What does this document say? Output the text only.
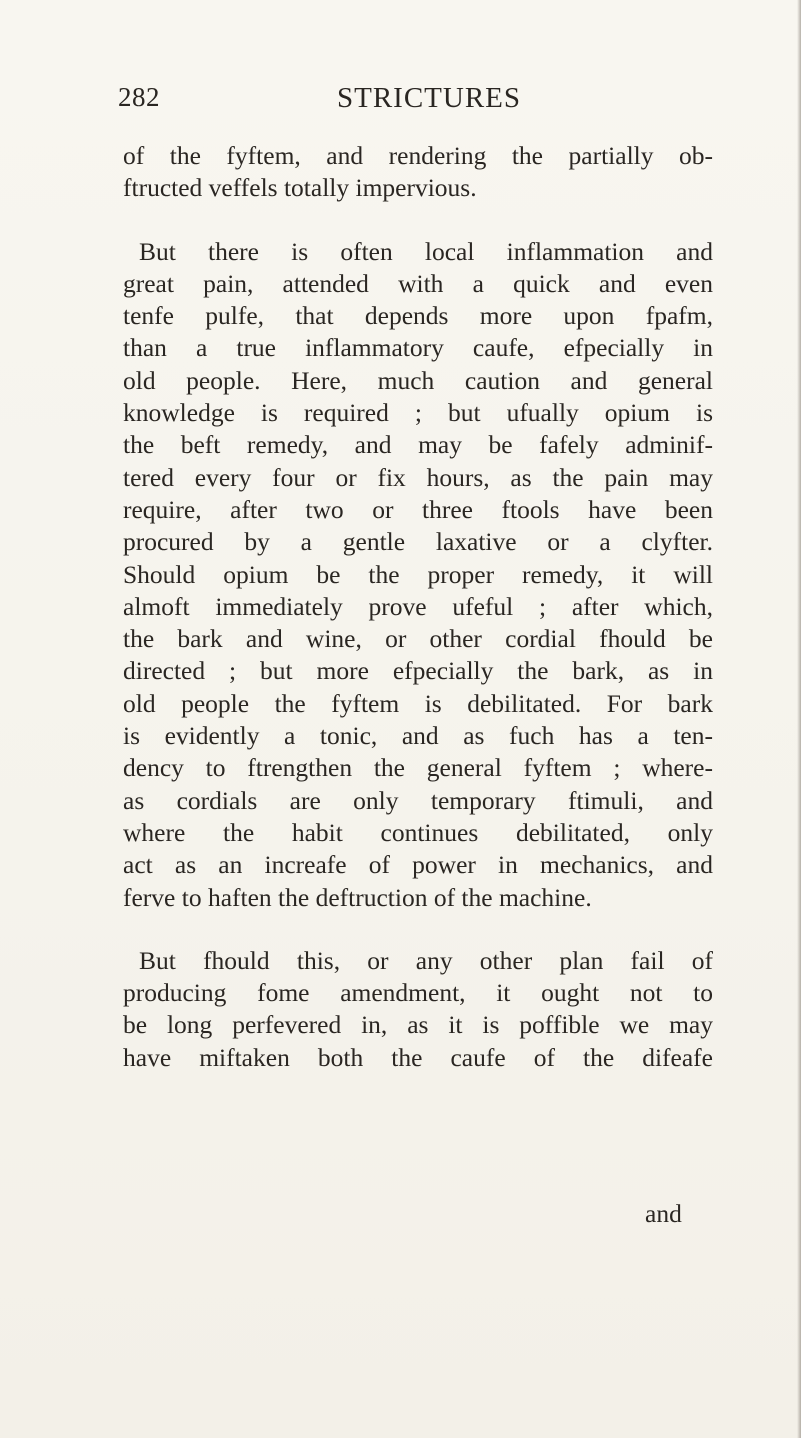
282	STRICTURES
of the fyftem, and rendering the partially ob-
ftructed veffels totally impervious.
But there is often local inflammation and
great pain, attended with a quick and even
tenfe pulfe, that depends more upon fpafm,
than a true inflammatory caufe, efpecially in
old people. Here, much caution and general
knowledge is required ; but ufually opium is
the beft remedy, and may be fafely adminif-
tered every four or fix hours, as the pain may
require, after two or three ftools have been
procured by a gentle laxative or a clyfter.
Should opium be the proper remedy, it will
almoft immediately prove ufeful ; after which,
the bark and wine, or other cordial fhould be
directed ; but more efpecially the bark, as in
old people the fyftem is debilitated. For bark
is evidently a tonic, and as fuch has a ten-
dency to ftrengthen the general fyftem ; where-
as cordials are only temporary ftimuli, and
where the habit continues debilitated, only
act as an increafe of power in mechanics, and
ferve to haften the deftruction of the machine.
But fhould this, or any other plan fail of
producing fome amendment, it ought not to
be long perfevered in, as it is poffible we may
have miftaken both the caufe of the difeafe
and
